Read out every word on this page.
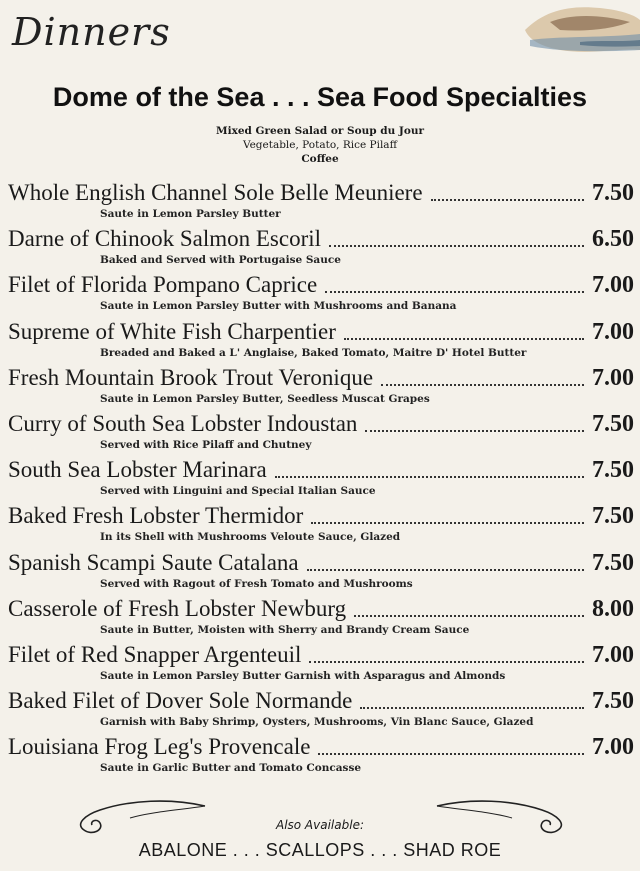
Dinners
Dome of the Sea . . . Sea Food Specialties
Mixed Green Salad or Soup du Jour
Vegetable, Potato, Rice Pilaff
Coffee
Whole English Channel Sole Belle Meuniere	7.50
Saute in Lemon Parsley Butter
Darne of Chinook Salmon Escoril	6.50
Baked and Served with Portugaise Sauce
Filet of Florida Pompano Caprice	7.00
Saute in Lemon Parsley Butter with Mushrooms and Banana
Supreme of White Fish Charpentier	7.00
Breaded and Baked a L' Anglaise, Baked Tomato, Maitre D' Hotel Butter
Fresh Mountain Brook Trout Veronique	7.00
Saute in Lemon Parsley Butter, Seedless Muscat Grapes
Curry of South Sea Lobster Indoustan	7.50
Served with Rice Pilaff and Chutney
South Sea Lobster Marinara	7.50
Served with Linguini and Special Italian Sauce
Baked Fresh Lobster Thermidor	7.50
In its Shell with Mushrooms Veloute Sauce, Glazed
Spanish Scampi Saute Catalana	7.50
Served with Ragout of Fresh Tomato and Mushrooms
Casserole of Fresh Lobster Newburg	8.00
Saute in Butter, Moisten with Sherry and Brandy Cream Sauce
Filet of Red Snapper Argenteuil	7.00
Saute in Lemon Parsley Butter Garnish with Asparagus and Almonds
Baked Filet of Dover Sole Normande	7.50
Garnish with Baby Shrimp, Oysters, Mushrooms, Vin Blanc Sauce, Glazed
Louisiana Frog Leg's Provencale	7.00
Saute in Garlic Butter and Tomato Concasse
Also Available:
ABALONE . . . SCALLOPS . . . SHAD ROE
